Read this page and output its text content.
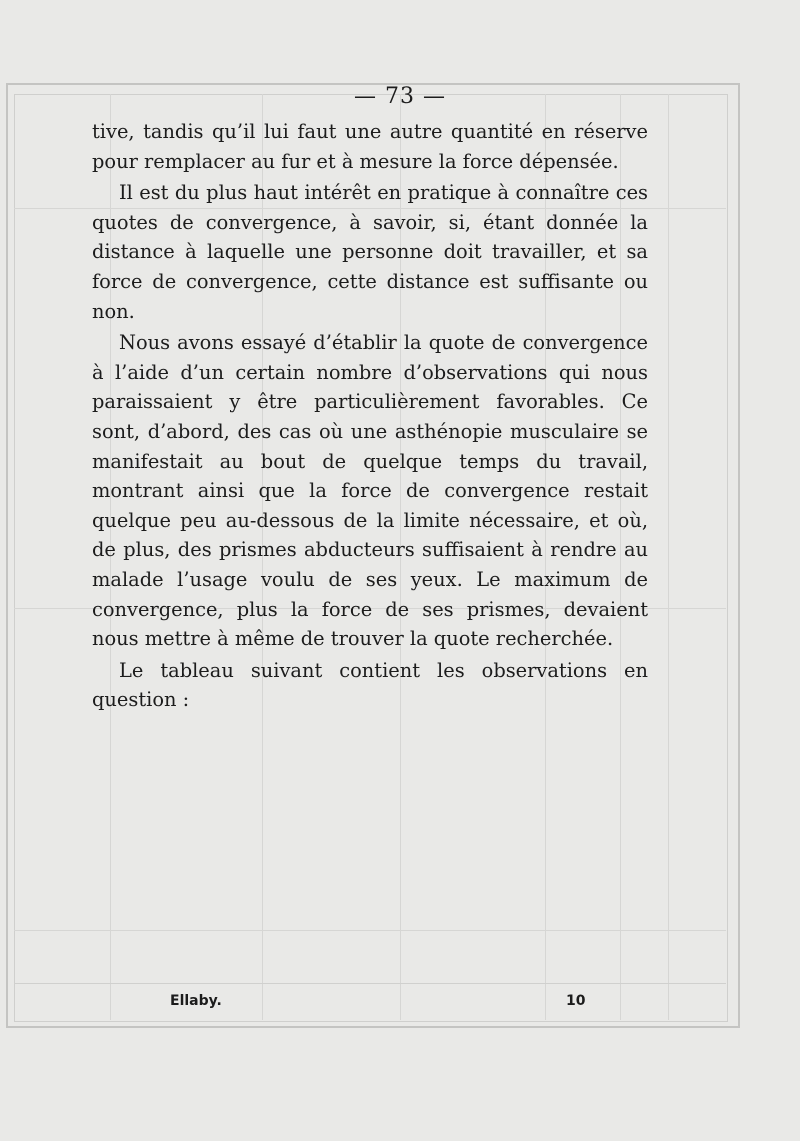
— 73 —

tive, tandis qu’il lui faut une autre quantité en réserve pour remplacer au fur et à mesure la force dépensée.

Il est du plus haut intérêt en pratique à connaître ces quotes de convergence, à savoir, si, étant donnée la distance à laquelle une personne doit travailler, et sa force de convergence, cette distance est suffisante ou non.

Nous avons essayé d’établir la quote de convergence à l’aide d’un certain nombre d’observations qui nous paraissaient y être particulièrement favorables. Ce sont, d’abord, des cas où une asthénopie musculaire se manifestait au bout de quelque temps du travail, montrant ainsi que la force de convergence restait quelque peu au-dessous de la limite nécessaire, et où, de plus, des prismes abducteurs suffisaient à rendre au malade l’usage voulu de ses yeux. Le maximum de convergence, plus la force de ses prismes, devaient nous mettre à même de trouver la quote recherchée.

Le tableau suivant contient les observations en question :

Ellaby.	10
